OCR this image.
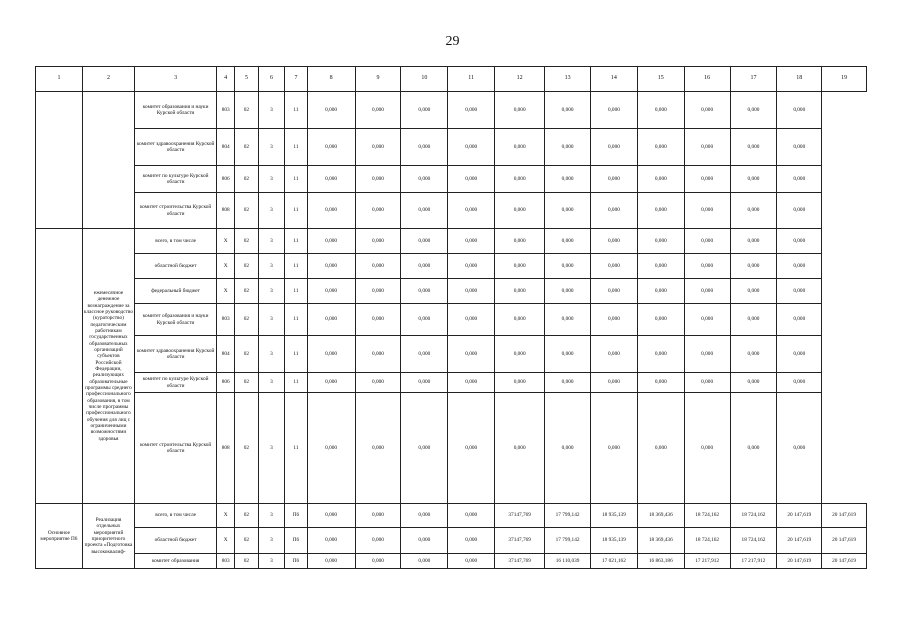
29
1	2	3	4	5	6	7	8	9	10	11	12	13	14	15	16	17	18	19
		комитет образования и науки Курской области	803	02	3	11	0,000	0,000	0,000	0,000	0,000	0,000	0,000	0,000	0,000	0,000	0,000	
		комитет здравоохранения Курской области	804	02	3	11	0,000	0,000	0,000	0,000	0,000	0,000	0,000	0,000	0,000	0,000	0,000	
		комитет по культуре Курской области	806	02	3	11	0,000	0,000	0,000	0,000	0,000	0,000	0,000	0,000	0,000	0,000	0,000	
		комитет строительства Курской области	808	02	3	11	0,000	0,000	0,000	0,000	0,000	0,000	0,000	0,000	0,000	0,000	0,000	
	ежемесячное денежное вознаграждение за классное руководство (кураторство) педагогическим работникам государственных образовательных организаций субъектов Российской Федерации, реализующих образовательные программы среднего профессионального образования, в том числе программы профессионального обучения для лиц с ограниченными возможностями здоровья	всего, в том числе	X	02	3	11	0,000	0,000	0,000	0,000	0,000	0,000	0,000	0,000	0,000	0,000	0,000	
		областной бюджет	X	02	3	11	0,000	0,000	0,000	0,000	0,000	0,000	0,000	0,000	0,000	0,000	0,000	
		федеральный бюджет	X	02	3	11	0,000	0,000	0,000	0,000	0,000	0,000	0,000	0,000	0,000	0,000	0,000	
		комитет образования и науки Курской области	803	02	3	11	0,000	0,000	0,000	0,000	0,000	0,000	0,000	0,000	0,000	0,000	0,000	
		комитет здравоохранения Курской области	804	02	3	11	0,000	0,000	0,000	0,000	0,000	0,000	0,000	0,000	0,000	0,000	0,000	
		комитет по культуре Курской области	806	02	3	11	0,000	0,000	0,000	0,000	0,000	0,000	0,000	0,000	0,000	0,000	0,000	
		комитет строительства Курской области	808	02	3	11	0,000	0,000	0,000	0,000	0,000	0,000	0,000	0,000	0,000	0,000	0,000	
Основное мероприятие П6	Реализация отдельных мероприятий приоритетного проекта «Подготовка высококвалиф-	всего, в том числе	X	02	3	П6	0,000	0,000	0,000	0,000	37147,769	17 799,142	18 935,139	18 369,436	18 724,162	18 724,162	20 147,619	20 147,619
		областной бюджет	X	02	3	П6	0,000	0,000	0,000	0,000	37147,769	17 799,142	18 935,139	18 369,436	18 724,162	18 724,162	20 147,619	20 147,619
		комитет образования	803	02	3	П6	0,000	0,000	0,000	0,000	37147,769	16 110,039	17 021,162	16 863,186	17 217,912	17 217,912	20 147,619	20 147,619
